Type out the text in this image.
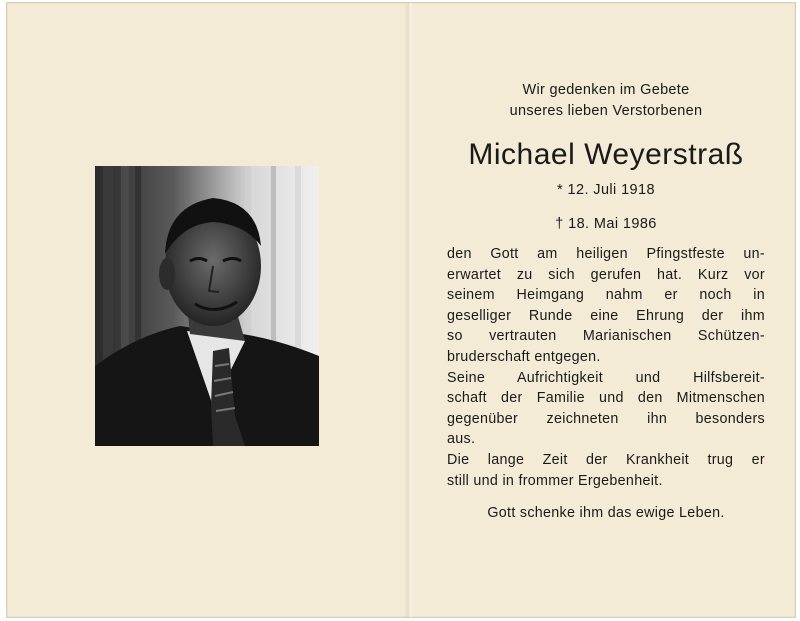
Wir gedenken im Gebete
unseres lieben Verstorbenen

Michael Weyerstraß

* 12. Juli 1918

† 18. Mai 1986

den Gott am heiligen Pfingstfeste un-
erwartet zu sich gerufen hat. Kurz vor
seinem Heimgang nahm er noch in
geselliger Runde eine Ehrung der ihm
so vertrauten Marianischen Schützen-
bruderschaft entgegen.
Seine Aufrichtigkeit und Hilfsbereit-
schaft der Familie und den Mitmenschen
gegenüber zeichneten ihn besonders
aus.
Die lange Zeit der Krankheit trug er
still und in frommer Ergebenheit.

Gott schenke ihm das ewige Leben.
